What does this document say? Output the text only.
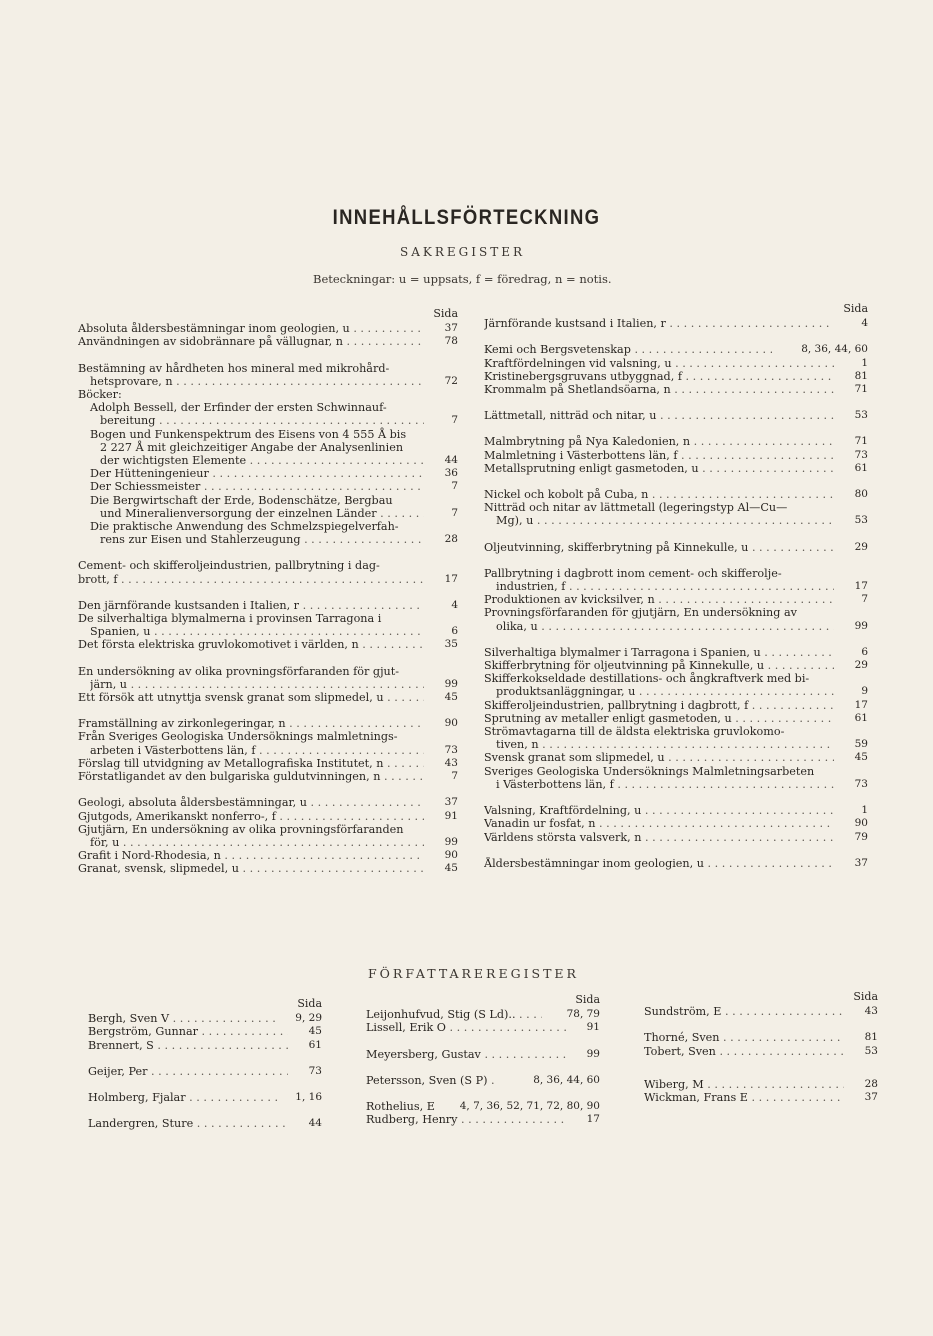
INNEHÅLLSFÖRTECKNING
SAKREGISTER
Beteckningar: u = uppsats, f = föredrag, n = notis.
Sida
Absoluta åldersbestämningar inom geologien, u . . .	37
Användningen av sidobrännare på vällugnar, n . . .	78
Bestämning av hårdheten hos mineral med mikrohård-
hetsprovare, n . . .	72
Böcker:
Adolph Bessell, der Erfinder der ersten Schwinnauf-
bereitung . . .	7
Bogen und Funkenspektrum des Eisens von 4 555 Å bis
2 227 Å mit gleichzeitiger Angabe der Analysenlinien
der wichtigsten Elemente . . .	44
Der Hütteningenieur . . .	36
Der Schiessmeister . . .	7
Die Bergwirtschaft der Erde, Bodenschätze, Bergbau
und Mineralienversorgung der einzelnen Länder . . .	7
Die praktische Anwendung des Schmelzspiegelverfah-
rens zur Eisen und Stahlerzeugung . . .	28
Cement- och skifferoljeindustrien, pallbrytning i dag-
brott, f . . .	17
Den järnförande kustsanden i Italien, r . . .	4
De silverhaltiga blymalmerna i provinsen Tarragona i
Spanien, u . . .	6
Det första elektriska gruvlokomotivet i världen, n . . .	35
En undersökning av olika provningsförfaranden för gjut-
järn, u . . .	99
Ett försök att utnyttja svensk granat som slipmedel, u . . .	45
Framställning av zirkonlegeringar, n . . .	90
Från Sveriges Geologiska Undersöknings malmletnings-
arbeten i Västerbottens län, f . . .	73
Förslag till utvidgning av Metallografiska Institutet, n . . .	43
Förstatligandet av den bulgariska guldutvinningen, n . . .	7
Geologi, absoluta åldersbestämningar, u . . .	37
Gjutgods, Amerikanskt nonferro-, f . . .	91
Gjutjärn, En undersökning av olika provningsförfaranden
för, u . . .	99
Grafit i Nord-Rhodesia, n . . .	90
Granat, svensk, slipmedel, u . . .	45
Sida
Järnförande kustsand i Italien, r . . .	4
Kemi och Bergsvetenskap . . .	8, 36, 44, 60
Kraftfördelningen vid valsning, u . . .	1
Kristinebergsgruvans utbyggnad, f . . .	81
Krommalm på Shetlandsöarna, n . . .	71
Lättmetall, nitträd och nitar, u . . .	53
Malmbrytning på Nya Kaledonien, n . . .	71
Malmletning i Västerbottens län, f . . .	73
Metallsprutning enligt gasmetoden, u . . .	61
Nickel och kobolt på Cuba, n . . .	80
Nitträd och nitar av lättmetall (legeringstyp Al—Cu—
Mg), u . . .	53
Oljeutvinning, skifferbrytning på Kinnekulle, u . . .	29
Pallbrytning i dagbrott inom cement- och skifferolje-
industrien, f . . .	17
Produktionen av kvicksilver, n . . .	7
Provningsförfaranden för gjutjärn, En undersökning av
olika, u . . .	99
Silverhaltiga blymalmer i Tarragona i Spanien, u . . .	6
Skifferbrytning för oljeutvinning på Kinnekulle, u . . .	29
Skifferkokseldade destillations- och ångkraftverk med bi-
produktsanläggningar, u . . .	9
Skifferoljeindustrien, pallbrytning i dagbrott, f . . .	17
Sprutning av metaller enligt gasmetoden, u . . .	61
Strömavtagarna till de äldsta elektriska gruvlokomo-
tiven, n . . .	59
Svensk granat som slipmedel, u . . .	45
Sveriges Geologiska Undersöknings Malmletningsarbeten
i Västerbottens län, f . . .	73
Valsning, Kraftfördelning, u . . .	1
Vanadin ur fosfat, n . . .	90
Världens största valsverk, n . . .	79
Åldersbestämningar inom geologien, u . . .	37
FÖRFATTAREREGISTER
Sida
Bergh, Sven V . . .	9, 29
Bergström, Gunnar . . .	45
Brennert, S . . .	61
Geijer, Per . . .	73
Holmberg, Fjalar . . .	1, 16
Landergren, Sture . . .	44
Sida
Leijonhufvud, Stig (S Ld).. . . .	78, 79
Lissell, Erik O . . .	91
Meyersberg, Gustav . . .	99
Petersson, Sven (S P) . . .	8, 36, 44, 60
Rothelius, E . . .	4, 7, 36, 52, 71, 72, 80, 90
Rudberg, Henry . . .	17
Sida
Sundström, E . . .	43
Thorné, Sven . . .	81
Tobert, Sven . . .	53
Wiberg, M . . .	28
Wickman, Frans E . . .	37
